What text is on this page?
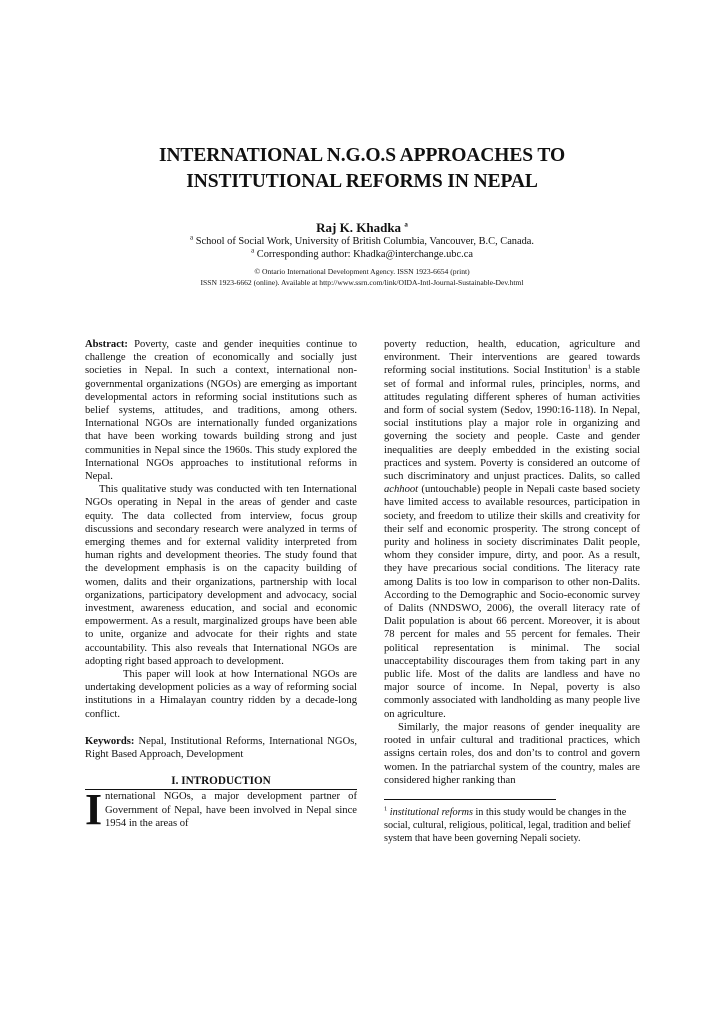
INTERNATIONAL N.G.O.S APPROACHES TO
INSTITUTIONAL REFORMS IN NEPAL
Raj K. Khadka $^a$
$^a$ School of Social Work, University of British Columbia, Vancouver, B.C, Canada.
$^a$ Corresponding author: Khadka@interchange.ubc.ca
© Ontario International Development Agency. ISSN 1923-6654 (print)
ISSN 1923-6662 (online). Available at http://www.ssrn.com/link/OIDA-Intl-Journal-Sustainable-Dev.html

Abstract: Poverty, caste and gender inequities continue to challenge the creation of economically and socially just societies in Nepal. In such a context, international non-governmental organizations (NGOs) are emerging as important developmental actors in reforming social institutions such as belief systems, attitudes, and traditions, among others. International NGOs are internationally funded organizations that have been working towards building strong and just communities in Nepal since the 1960s. This study explored the International NGOs approaches to institutional reforms in Nepal.

This qualitative study was conducted with ten International NGOs operating in Nepal in the areas of gender and caste equity. The data collected from interview, focus group discussions and secondary research were analyzed in terms of emerging themes and for external validity interpreted from human rights and development theories. The study found that the development emphasis is on the capacity building of women, dalits and their organizations, partnership with local organizations, participatory development and advocacy, social investment, awareness education, and social and economic empowerment. As a result, marginalized groups have been able to unite, organize and advocate for their rights and state accountability. This also reveals that International NGOs are adopting right based approach to development.

This paper will look at how International NGOs are undertaking development policies as a way of reforming social institutions in a Himalayan country ridden by a decade-long conflict.

Keywords: Nepal, Institutional Reforms, International NGOs, Right Based Approach, Development

I. INTRODUCTION
I nternational NGOs, a major development partner of Government of Nepal, have been involved in Nepal since 1954 in the areas of

poverty reduction, health, education, agriculture and environment. Their interventions are geared towards reforming social institutions. Social Institution$^1$ is a stable set of formal and informal rules, principles, norms, and attitudes regulating different spheres of human activities and form of social system (Sedov, 1990:16-118). In Nepal, social institutions play a major role in organizing and governing the society and people. Caste and gender inequalities are deeply embedded in the existing social practices and system. Poverty is considered an outcome of such discriminatory and unjust practices. Dalits, so called achhoot (untouchable) people in Nepali caste based society have limited access to available resources, participation in society, and freedom to utilize their skills and creativity for their self and economic prosperity. The strong concept of purity and holiness in society discriminates Dalit people, whom they consider impure, dirty, and poor. As a result, they have precarious social conditions. The literacy rate among Dalits is too low in comparison to other non-Dalits. According to the Demographic and Socio-economic survey of Dalits (NNDSWO, 2006), the overall literacy rate of Dalit population is about 66 percent. Moreover, it is about 78 percent for males and 55 percent for females. Their political representation is minimal. The social unacceptability discourages them from taking part in any public life. Most of the dalits are landless and have no major source of income. In Nepal, poverty is also commonly associated with landholding as many people live on agriculture.

Similarly, the major reasons of gender inequality are rooted in unfair cultural and traditional practices, which assigns certain roles, dos and don’ts to control and govern women. In the patriarchal system of the country, males are considered higher ranking than

$^1$ institutional reforms in this study would be changes in the social, cultural, religious, political, legal, tradition and belief system that have been governing Nepali society.
